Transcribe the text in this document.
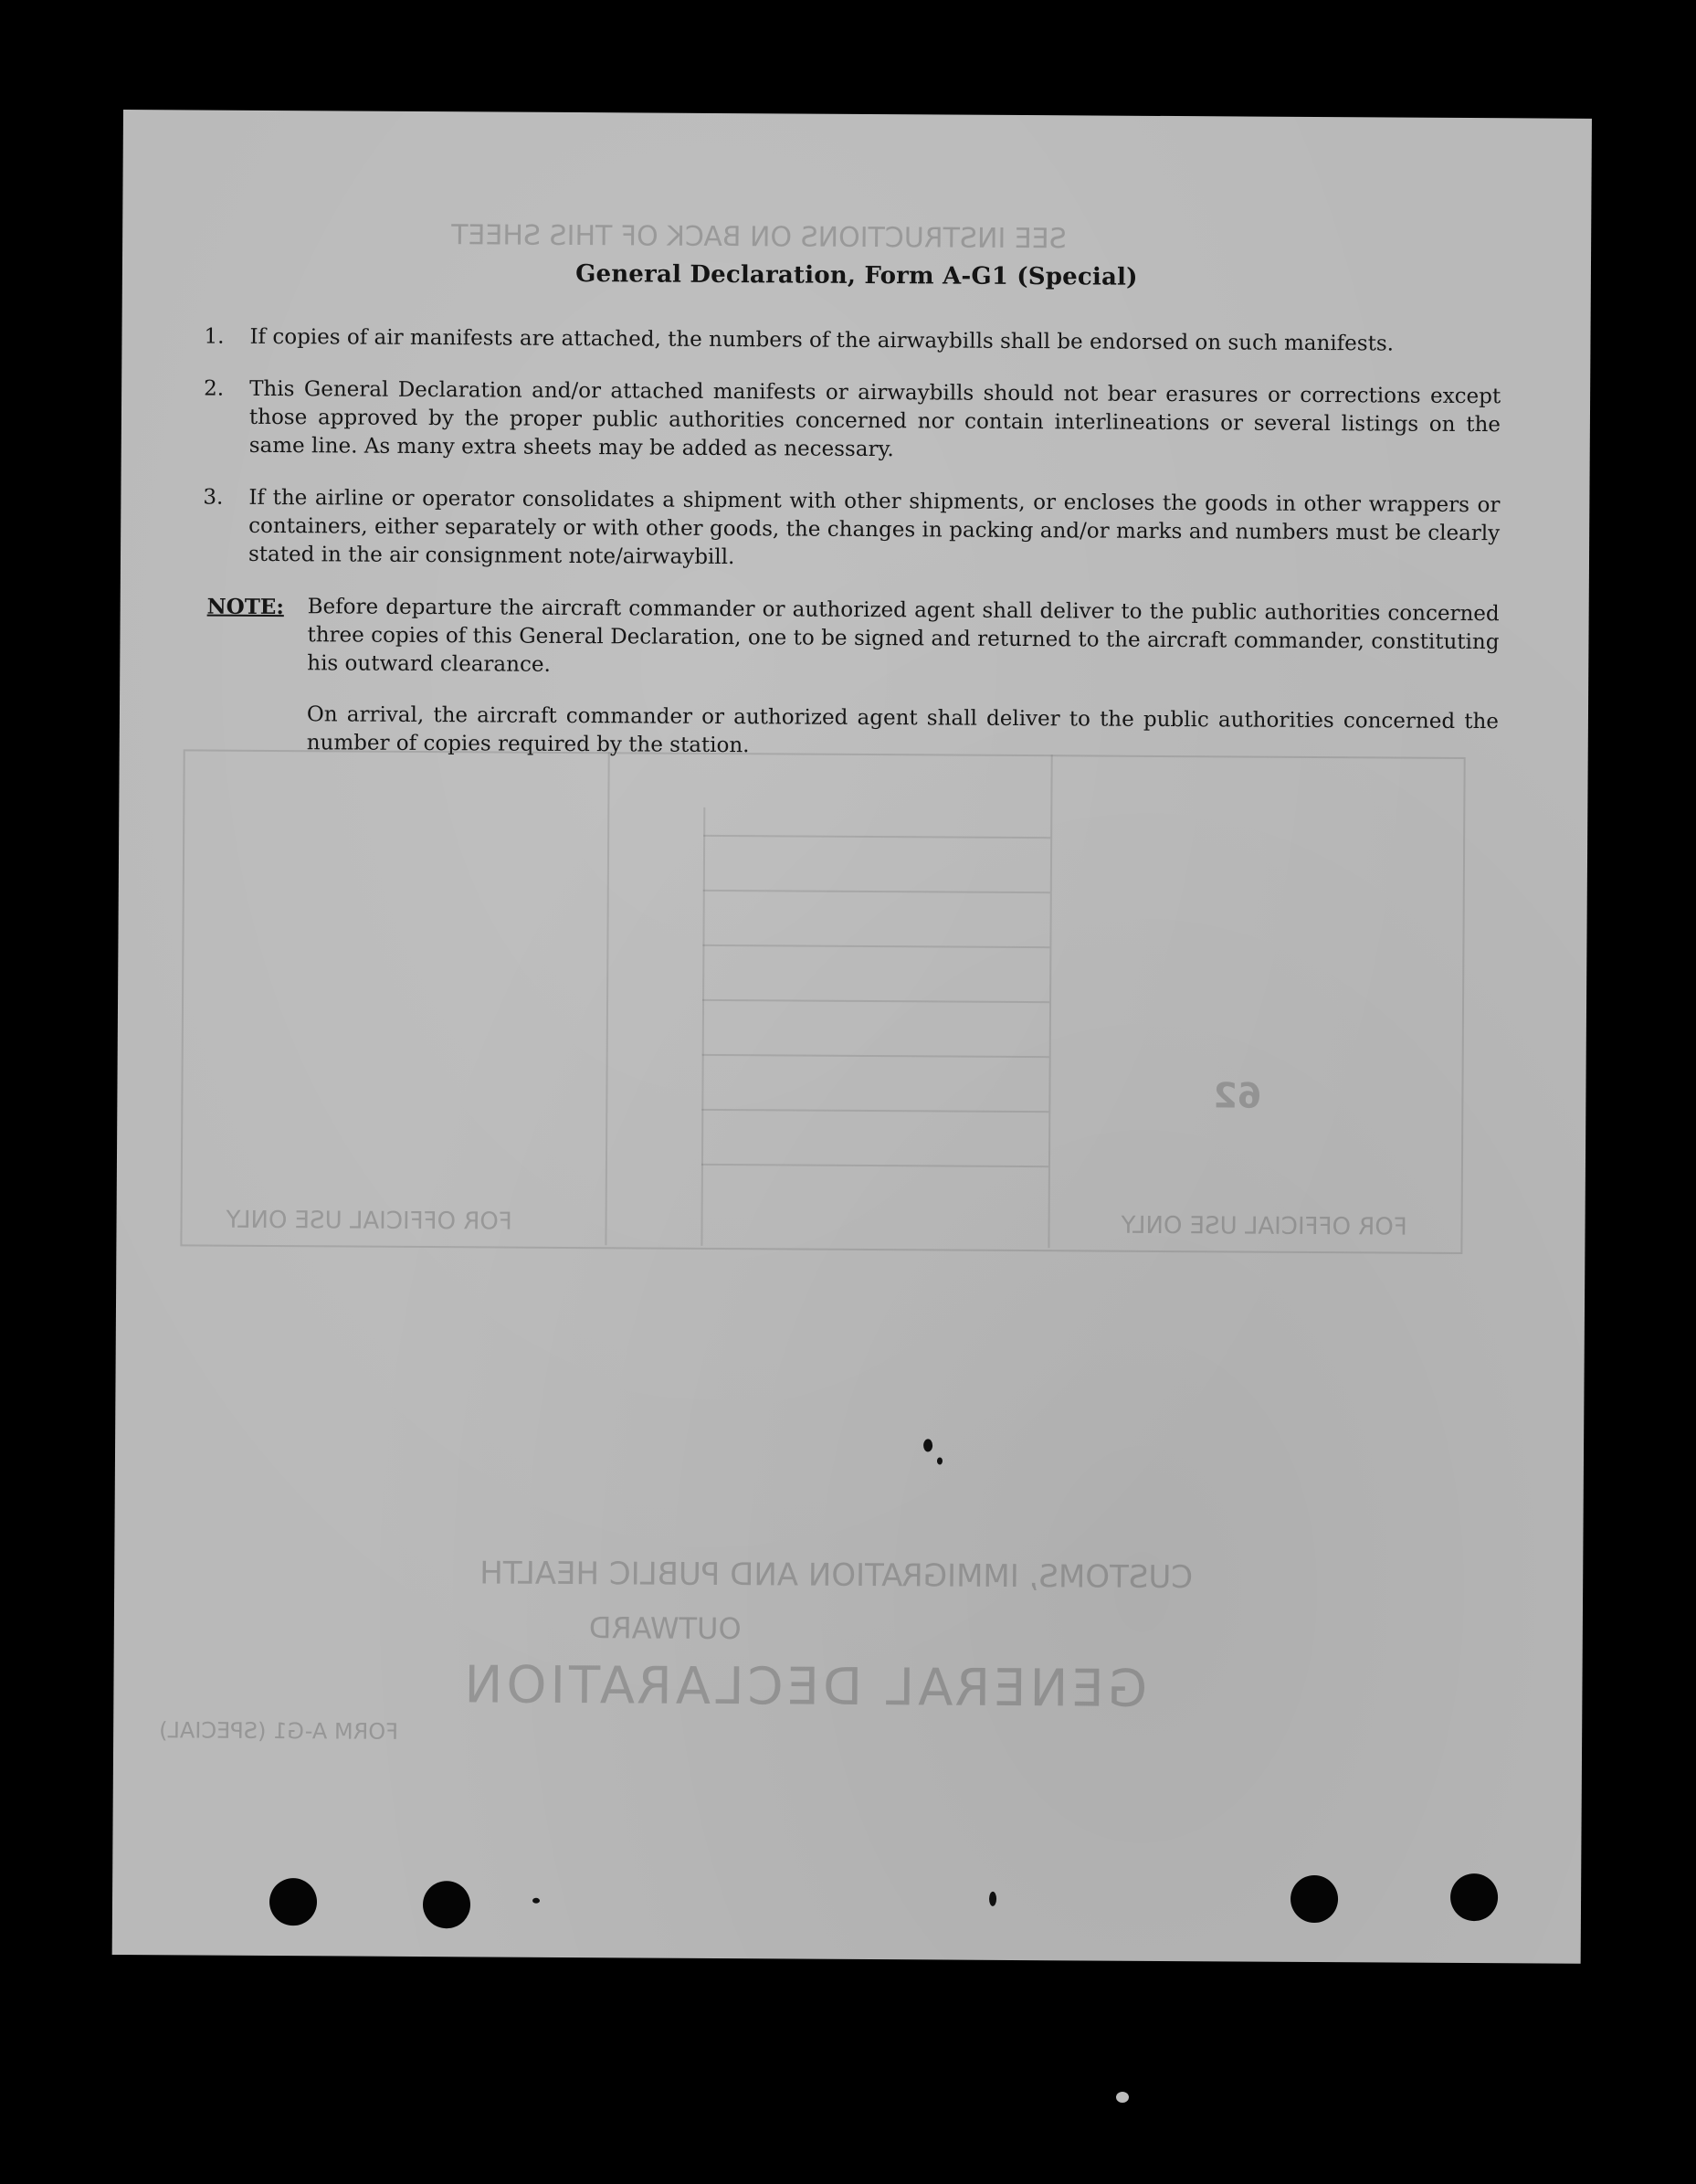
SEE INSTRUCTIONS ON BACK OF THIS SHEET
FOR OFFICIAL USE ONLY	FOR OFFICIAL USE ONLY
62
CUSTOMS, IMMIGRATION AND PUBLIC HEALTH
OUTWARD
GENERAL DECLARATION
FORM A-G1 (SPECIAL)
General Declaration, Form A-G1 (Special)
1.	If copies of air manifests are attached, the numbers of the airwaybills shall be endorsed on such manifests.
2.	This General Declaration and/or attached manifests or airwaybills should not bear erasures or corrections except those approved by the proper public authorities concerned nor contain interlineations or several listings on the same line. As many extra sheets may be added as necessary.
3.	If the airline or operator consolidates a shipment with other shipments, or encloses the goods in other wrappers or containers, either separately or with other goods, the changes in packing and/or marks and numbers must be clearly stated in the air consignment note/airwaybill.
NOTE: Before departure the aircraft commander or authorized agent shall deliver to the public authorities concerned three copies of this General Declaration, one to be signed and returned to the aircraft commander, constituting his outward clearance.
On arrival, the aircraft commander or authorized agent shall deliver to the public authorities concerned the number of copies required by the station.
